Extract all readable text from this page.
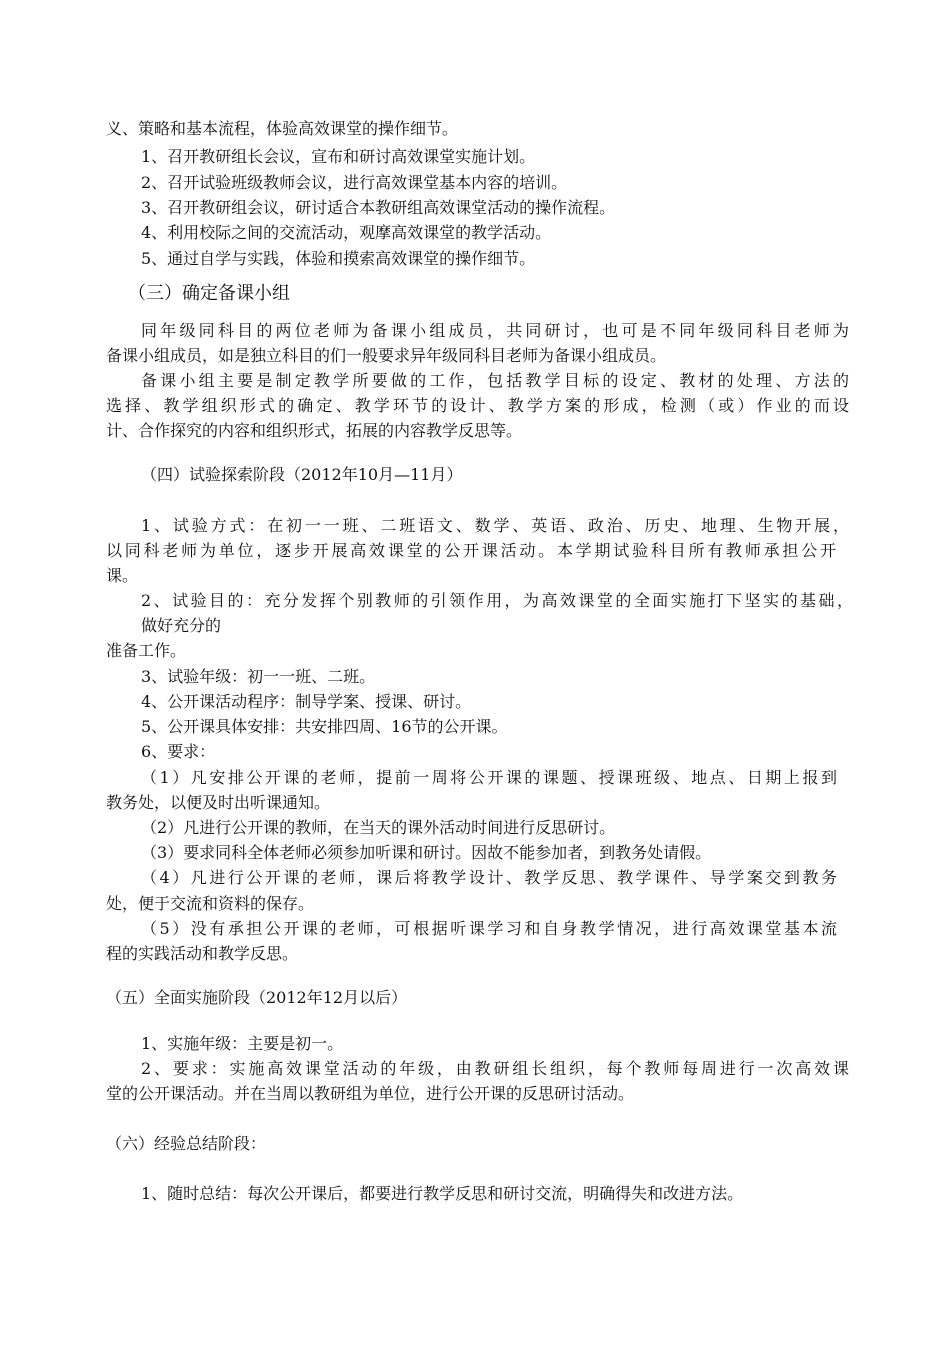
义、策略和基本流程，体验高效课堂的操作细节。
1、召开教研组长会议，宣布和研讨高效课堂实施计划。
2、召开试验班级教师会议，进行高效课堂基本内容的培训。
3、召开教研组会议，研讨适合本教研组高效课堂活动的操作流程。
4、利用校际之间的交流活动，观摩高效课堂的教学活动。
5、通过自学与实践，体验和摸索高效课堂的操作细节。
（三）确定备课小组
同年级同科目的两位老师为备课小组成员，共同研讨，也可是不同年级同科目老师为
备课小组成员，如是独立科目的们一般要求异年级同科目老师为备课小组成员。
备课小组主要是制定教学所要做的工作，包括教学目标的设定、教材的处理、方法的
选择、教学组织形式的确定、教学环节的设计、教学方案的形成，检测（或）作业的而设
计、合作探究的内容和组织形式，拓展的内容教学反思等。
（四）试验探索阶段（2012年10月—11月）
1、试验方式：在初一一班、二班语文、数学、英语、政治、历史、地理、生物开展，
以同科老师为单位，逐步开展高效课堂的公开课活动。本学期试验科目所有教师承担公开
课。
2、试验目的：充分发挥个别教师的引领作用，为高效课堂的全面实施打下坚实的基础，
做好充分的
准备工作。
3、试验年级：初一一班、二班。
4、公开课活动程序：制导学案、授课、研讨。
5、公开课具体安排：共安排四周、16节的公开课。
6、要求：
（1）凡安排公开课的老师，提前一周将公开课的课题、授课班级、地点、日期上报到
教务处，以便及时出听课通知。
（2）凡进行公开课的教师，在当天的课外活动时间进行反思研讨。
（3）要求同科全体老师必须参加听课和研讨。因故不能参加者，到教务处请假。
（4）凡进行公开课的老师，课后将教学设计、教学反思、教学课件、导学案交到教务
处，便于交流和资料的保存。
（5）没有承担公开课的老师，可根据听课学习和自身教学情况，进行高效课堂基本流
程的实践活动和教学反思。
（五）全面实施阶段（2012年12月以后）
1、实施年级：主要是初一。
2、要求：实施高效课堂活动的年级，由教研组长组织，每个教师每周进行一次高效课
堂的公开课活动。并在当周以教研组为单位，进行公开课的反思研讨活动。
（六）经验总结阶段：
1、随时总结：每次公开课后，都要进行教学反思和研讨交流，明确得失和改进方法。
